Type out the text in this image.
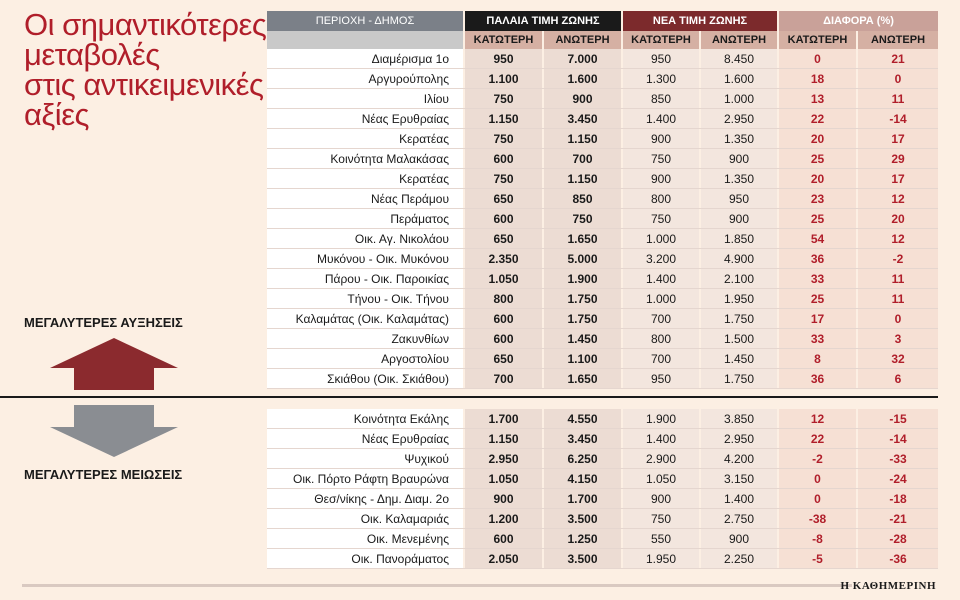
Οι σημαντικότερες
μεταβολές
στις αντικειμενικές
αξίες
ΜΕΓΑΛΥΤΕΡΕΣ ΑΥΞΗΣΕΙΣ
ΜΕΓΑΛΥΤΕΡΕΣ ΜΕΙΩΣΕΙΣ
ΠΕΡΙΟΧΗ - ΔΗΜΟΣ	ΠΑΛΑΙΑ ΤΙΜΗ ΖΩΝΗΣ	ΝΕΑ ΤΙΜΗ ΖΩΝΗΣ	ΔΙΑΦΟΡΑ (%)
ΚΑΤΩΤΕΡΗ	ΑΝΩΤΕΡΗ	ΚΑΤΩΤΕΡΗ	ΑΝΩΤΕΡΗ	ΚΑΤΩΤΕΡΗ	ΑΝΩΤΕΡΗ
Διαμέρισμα 1ο	950	7.000	950	8.450	0	21
Αργυρούπολης	1.100	1.600	1.300	1.600	18	0
Ιλίου	750	900	850	1.000	13	11
Νέας Ερυθραίας	1.150	3.450	1.400	2.950	22	-14
Κερατέας	750	1.150	900	1.350	20	17
Κοινότητα Μαλακάσας	600	700	750	900	25	29
Κερατέας	750	1.150	900	1.350	20	17
Νέας Περάμου	650	850	800	950	23	12
Περάματος	600	750	750	900	25	20
Οικ. Αγ. Νικολάου	650	1.650	1.000	1.850	54	12
Μυκόνου - Οικ. Μυκόνου	2.350	5.000	3.200	4.900	36	-2
Πάρου - Οικ. Παροικίας	1.050	1.900	1.400	2.100	33	11
Τήνου - Οικ. Τήνου	800	1.750	1.000	1.950	25	11
Καλαμάτας (Οικ. Καλαμάτας)	600	1.750	700	1.750	17	0
Ζακυνθίων	600	1.450	800	1.500	33	3
Αργοστολίου	650	1.100	700	1.450	8	32
Σκιάθου (Οικ. Σκιάθου)	700	1.650	950	1.750	36	6
Κοινότητα Εκάλης	1.700	4.550	1.900	3.850	12	-15
Νέας Ερυθραίας	1.150	3.450	1.400	2.950	22	-14
Ψυχικού	2.950	6.250	2.900	4.200	-2	-33
Οικ. Πόρτο Ράφτη Βραυρώνα	1.050	4.150	1.050	3.150	0	-24
Θεσ/νίκης - Δημ. Διαμ. 2ο	900	1.700	900	1.400	0	-18
Οικ. Καλαμαριάς	1.200	3.500	750	2.750	-38	-21
Οικ. Μενεμένης	600	1.250	550	900	-8	-28
Οικ. Πανοράματος	2.050	3.500	1.950	2.250	-5	-36
Η ΚΑΘΗΜΕΡΙΝΗ
